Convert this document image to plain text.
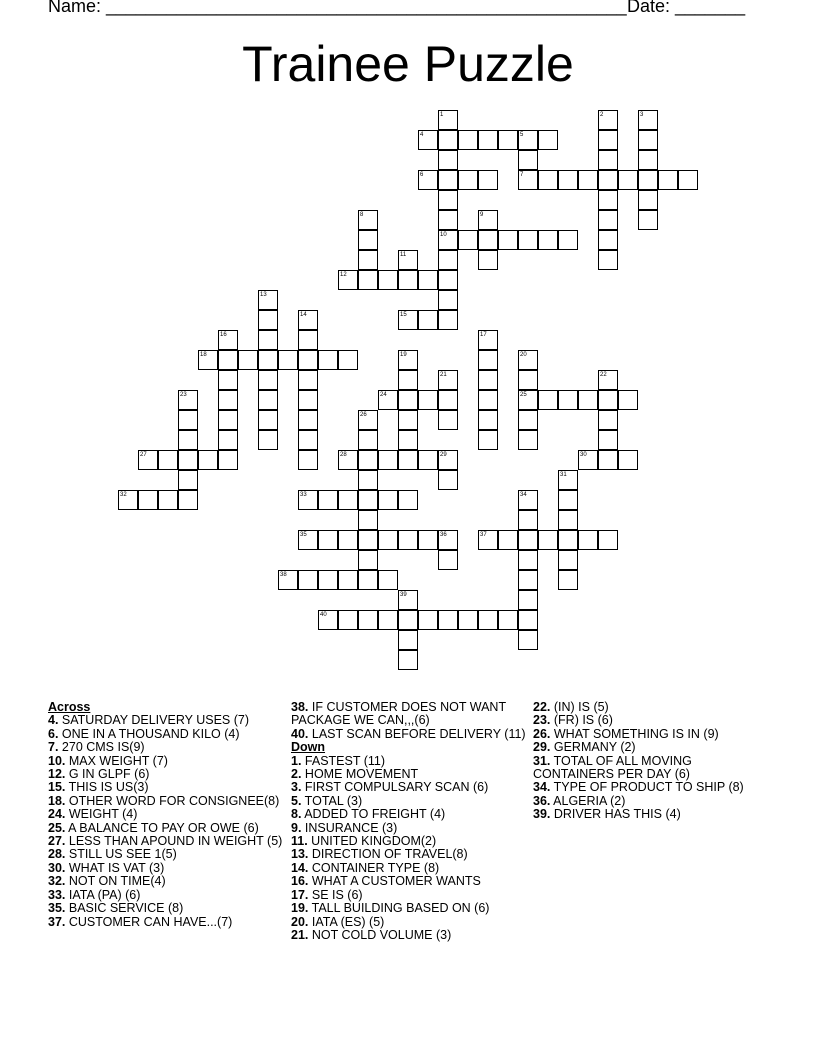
Name: ____________________________________________________ Date: _______
Trainee Puzzle
1
10
2	3
4	5
7
6
8	9
11
12
13
14	15
16	17
18	19	20
25
21	22
23	24
26
27	28	29	30
31
32	33	34
35	36	37
38
39
40
Across
4. SATURDAY DELIVERY USES (7)
6. ONE IN A THOUSAND KILO (4)
7. 270 CMS IS(9)
10. MAX WEIGHT (7)
12. G IN GLPF (6)
15. THIS IS US(3)
18. OTHER WORD FOR CONSIGNEE(8)
24. WEIGHT (4)
25. A BALANCE TO PAY OR OWE (6)
27. LESS THAN APOUND IN WEIGHT (5)
28. STILL US SEE 1(5)
30. WHAT IS VAT (3)
32. NOT ON TIME(4)
33. IATA (PA) (6)
35. BASIC SERVICE (8)
37. CUSTOMER CAN HAVE...(7)
38. IF CUSTOMER DOES NOT WANT PACKAGE WE CAN,,,(6)
40. LAST SCAN BEFORE DELIVERY (11)
Down
1. FASTEST (11)
2. HOME MOVEMENT
3. FIRST COMPULSARY SCAN (6)
5. TOTAL (3)
8. ADDED TO FREIGHT (4)
9. INSURANCE (3)
11. UNITED KINGDOM(2)
13. DIRECTION OF TRAVEL(8)
14. CONTAINER TYPE (8)
16. WHAT A CUSTOMER WANTS
17. SE IS (6)
19. TALL BUILDING BASED ON (6)
20. IATA (ES) (5)
21. NOT COLD VOLUME (3)
22. (IN) IS (5)
23. (FR) IS (6)
26. WHAT SOMETHING IS IN (9)
29. GERMANY (2)
31. TOTAL OF ALL MOVING CONTAINERS PER DAY (6)
34. TYPE OF PRODUCT TO SHIP (8)
36. ALGERIA (2)
39. DRIVER HAS THIS (4)
